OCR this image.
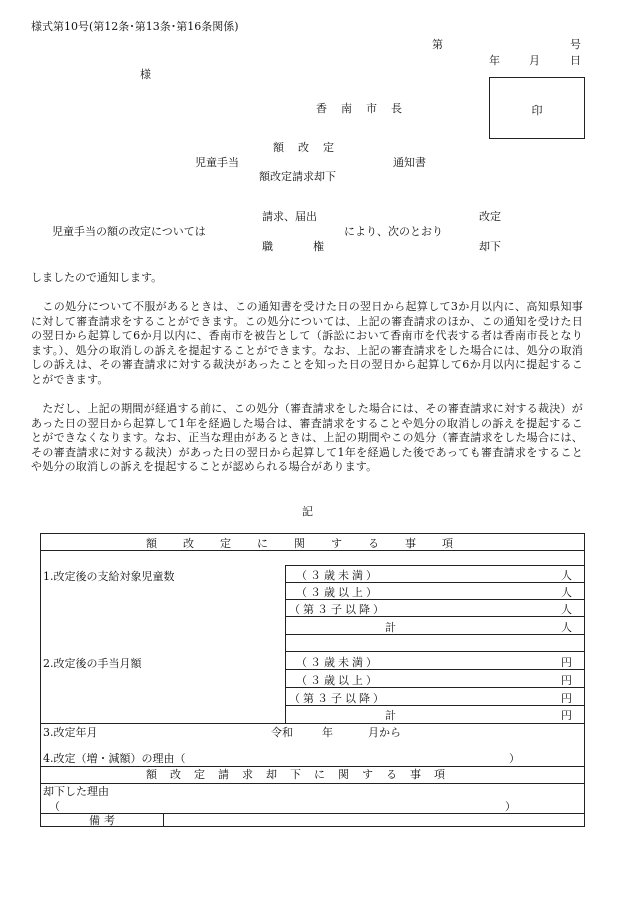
様式第10号(第12条･第13条･第16条関係)
第	号
年	月	日
様
香南市長	印
額改定
児童手当
額改定請求却下
通知書
請求、届出
児童手当の額の改定については	により、次のとおり
職権
改定
却下
しましたので通知します。
　この処分について不服があるときは、この通知書を受けた日の翌日から起算して3か月以内に、高知県知事に対して審査請求をすることができます。この処分については、上記の審査請求のほか、この通知を受けた日の翌日から起算して6か月以内に、香南市を被告として（訴訟において香南市を代表する者は香南市長となります。）、処分の取消しの訴えを提起することができます。なお、上記の審査請求をした場合には、処分の取消しの訴えは、その審査請求に対する裁決があったことを知った日の翌日から起算して6か月以内に提起することができます。
　ただし、上記の期間が経過する前に、この処分（審査請求をした場合には、その審査請求に対する裁決）があった日の翌日から起算して1年を経過した場合は、審査請求をすることや処分の取消しの訴えを提起することができなくなります。なお、正当な理由があるときは、上記の期間やこの処分（審査請求をした場合には、その審査請求に対する裁決）があった日の翌日から起算して1年を経過した後であっても審査請求をすることや処分の取消しの訴えを提起することが認められる場合があります。
記
額改定に関する事項
1.改定後の支給対象児童数	（３歳未満）	人
（３歳以上）	人
（第３子以降）	人
計	人
2.改定後の手当月額	（３歳未満）	円
（３歳以上）	円
（第３子以降）	円
計	円
3.改定年月	令和	年	月から
4.改定（増・減額）の理由（	）
額改定請求却下に関する事項
却下した理由
（	）
備考
